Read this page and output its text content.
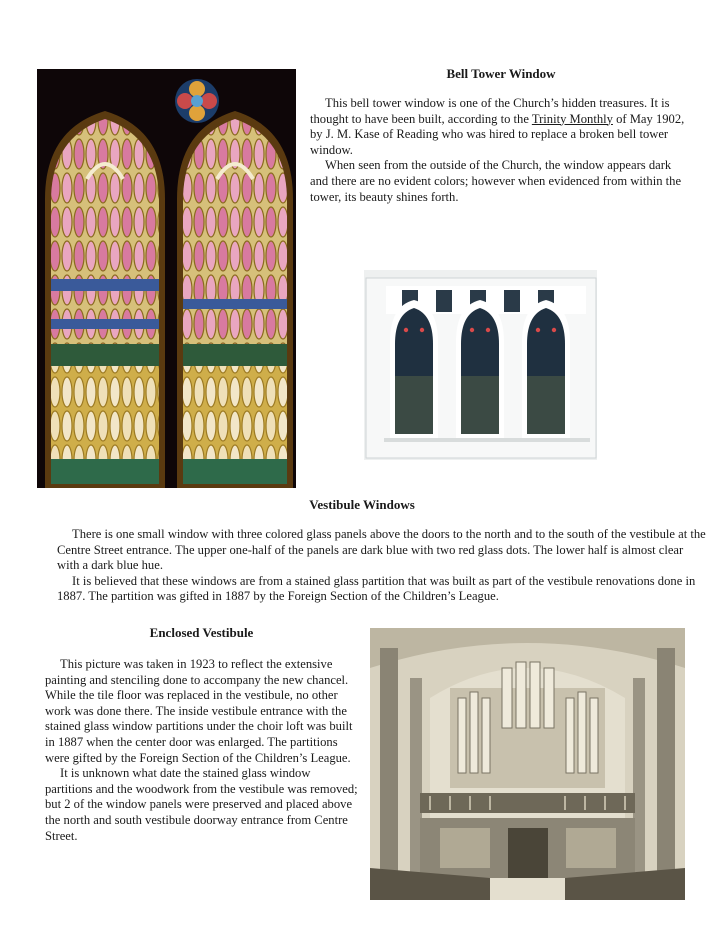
Bell Tower Window

This bell tower window is one of the Church’s hidden treasures. It is thought to have been built, according to the Trinity Monthly of May 1902, by J. M. Kase of Reading who was hired to replace a broken bell tower window.

When seen from the outside of the Church, the window appears dark and there are no evident colors; however when evidenced from within the tower, its beauty shines forth.

Vestibule Windows

There is one small window with three colored glass panels above the doors to the north and to the south of the vestibule at the Centre Street entrance. The upper one-half of the panels are dark blue with two red glass dots. The lower half is almost clear with a dark blue hue.

It is believed that these windows are from a stained glass partition that was built as part of the vestibule renovations done in 1887. The partition was gifted in 1887 by the Foreign Section of the Children’s League.

Enclosed Vestibule

This picture was taken in 1923 to reflect the extensive painting and stenciling done to accompany the new chancel. While the tile floor was replaced in the vestibule, no other work was done there. The inside vestibule entrance with the stained glass window partitions under the choir loft was built in 1887 when the center door was enlarged. The partitions were gifted by the Foreign Section of the Children’s League.

It is unknown what date the stained glass window partitions and the woodwork from the vestibule was removed; but 2 of the window panels were preserved and placed above the north and south vestibule doorway entrance from Centre Street.
